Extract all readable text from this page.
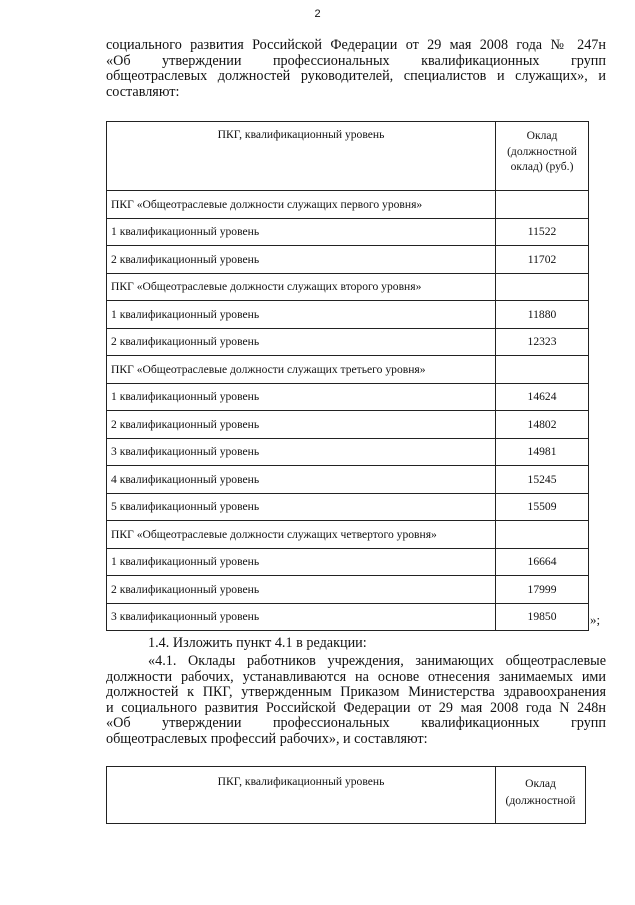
2
социального развития Российской Федерации от 29 мая 2008 года № 247н
«Об утверждении профессиональных квалификационных групп
общеотраслевых должностей руководителей, специалистов и служащих», и
составляют:
ПКГ, квалификационный уровень	Оклад
(должностной
оклад) (руб.)
ПКГ «Общеотраслевые должности служащих первого уровня»	
1 квалификационный уровень	11522
2 квалификационный уровень	11702
ПКГ «Общеотраслевые должности служащих второго уровня»	
1 квалификационный уровень	11880
2 квалификационный уровень	12323
ПКГ «Общеотраслевые должности служащих третьего уровня»	
1 квалификационный уровень	14624
2 квалификационный уровень	14802
3 квалификационный уровень	14981
4 квалификационный уровень	15245
5 квалификационный уровень	15509
ПКГ «Общеотраслевые должности служащих четвертого уровня»	
1 квалификационный уровень	16664
2 квалификационный уровень	17999
3 квалификационный уровень	19850	»;
1.4. Изложить пункт 4.1 в редакции:
«4.1. Оклады работников учреждения, занимающих общеотраслевые
должности рабочих, устанавливаются на основе отнесения занимаемых ими
должностей к ПКГ, утвержденным Приказом Министерства здравоохранения
и социального развития Российской Федерации от 29 мая 2008 года N 248н
«Об утверждении профессиональных квалификационных групп
общеотраслевых профессий рабочих», и составляют:
ПКГ, квалификационный уровень	Оклад
(должностной
